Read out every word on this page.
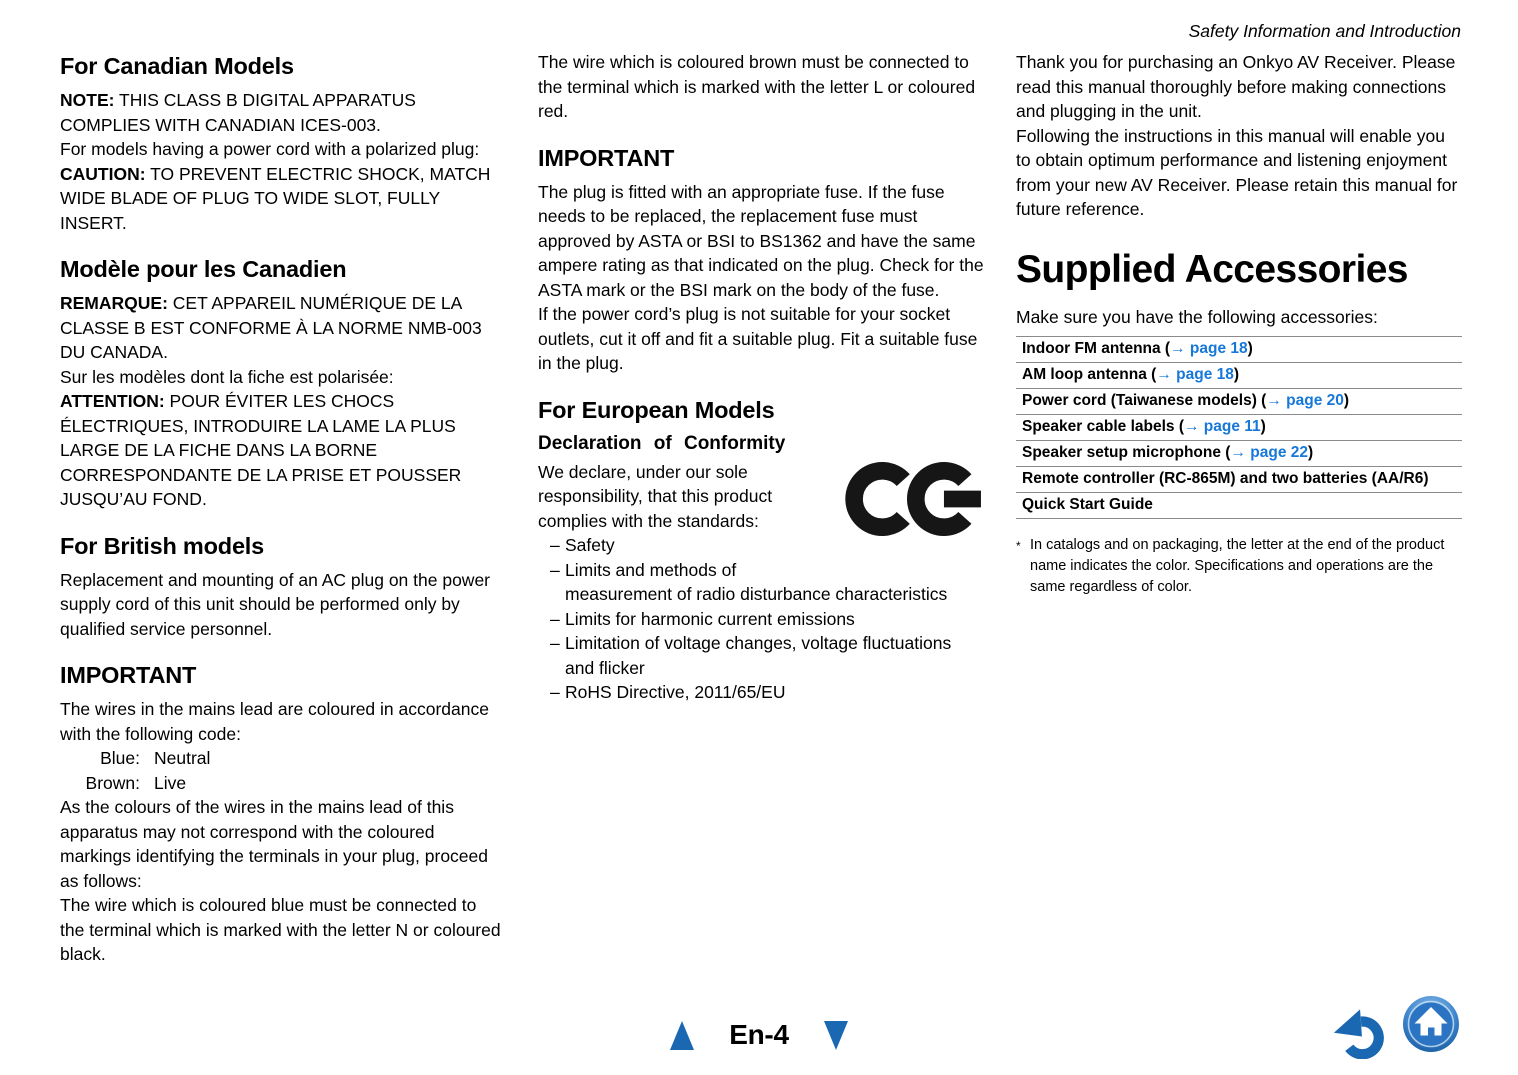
Safety Information and Introduction
For Canadian Models

NOTE: THIS CLASS B DIGITAL APPARATUS COMPLIES WITH CANADIAN ICES-003.

For models having a power cord with a polarized plug:

CAUTION: TO PREVENT ELECTRIC SHOCK, MATCH WIDE BLADE OF PLUG TO WIDE SLOT, FULLY INSERT.

Modèle pour les Canadien

REMARQUE: CET APPAREIL NUMÉRIQUE DE LA CLASSE B EST CONFORME À LA NORME NMB-003 DU CANADA.

Sur les modèles dont la fiche est polarisée:

ATTENTION: POUR ÉVITER LES CHOCS ÉLECTRIQUES, INTRODUIRE LA LAME LA PLUS LARGE DE LA FICHE DANS LA BORNE CORRESPONDANTE DE LA PRISE ET POUSSER JUSQU’AU FOND.

For British models

Replacement and mounting of an AC plug on the power supply cord of this unit should be performed only by qualified service personnel.

IMPORTANT

The wires in the mains lead are coloured in accordance with the following code:

Blue: Neutral
Brown: Live

As the colours of the wires in the mains lead of this apparatus may not correspond with the coloured markings identifying the terminals in your plug, proceed as follows:

The wire which is coloured blue must be connected to the terminal which is marked with the letter N or coloured black.

The wire which is coloured brown must be connected to the terminal which is marked with the letter L or coloured red.

IMPORTANT

The plug is fitted with an appropriate fuse. If the fuse needs to be replaced, the replacement fuse must approved by ASTA or BSI to BS1362 and have the same ampere rating as that indicated on the plug. Check for the ASTA mark or the BSI mark on the body of the fuse.

If the power cord’s plug is not suitable for your socket outlets, cut it off and fit a suitable plug. Fit a suitable fuse in the plug.

For European Models
Declaration of Conformity

We declare, under our sole responsibility, that this product complies with the standards:

– Safety
– Limits and methods of
measurement of radio disturbance characteristics
– Limits for harmonic current emissions
– Limitation of voltage changes, voltage fluctuations
and flicker
– RoHS Directive, 2011/65/EU

Thank you for purchasing an Onkyo AV Receiver. Please read this manual thoroughly before making connections and plugging in the unit.

Following the instructions in this manual will enable you to obtain optimum performance and listening enjoyment from your new AV Receiver. Please retain this manual for future reference.

Supplied Accessories

Make sure you have the following accessories:

Indoor FM antenna (→ page 18)
AM loop antenna (→ page 18)
Power cord (Taiwanese models) (→ page 20)
Speaker cable labels (→ page 11)
Speaker setup microphone (→ page 22)
Remote controller (RC-865M) and two batteries (AA/R6)
Quick Start Guide
* In catalogs and on packaging, the letter at the end of the product name indicates the color. Specifications and operations are the same regardless of color.
En-4
